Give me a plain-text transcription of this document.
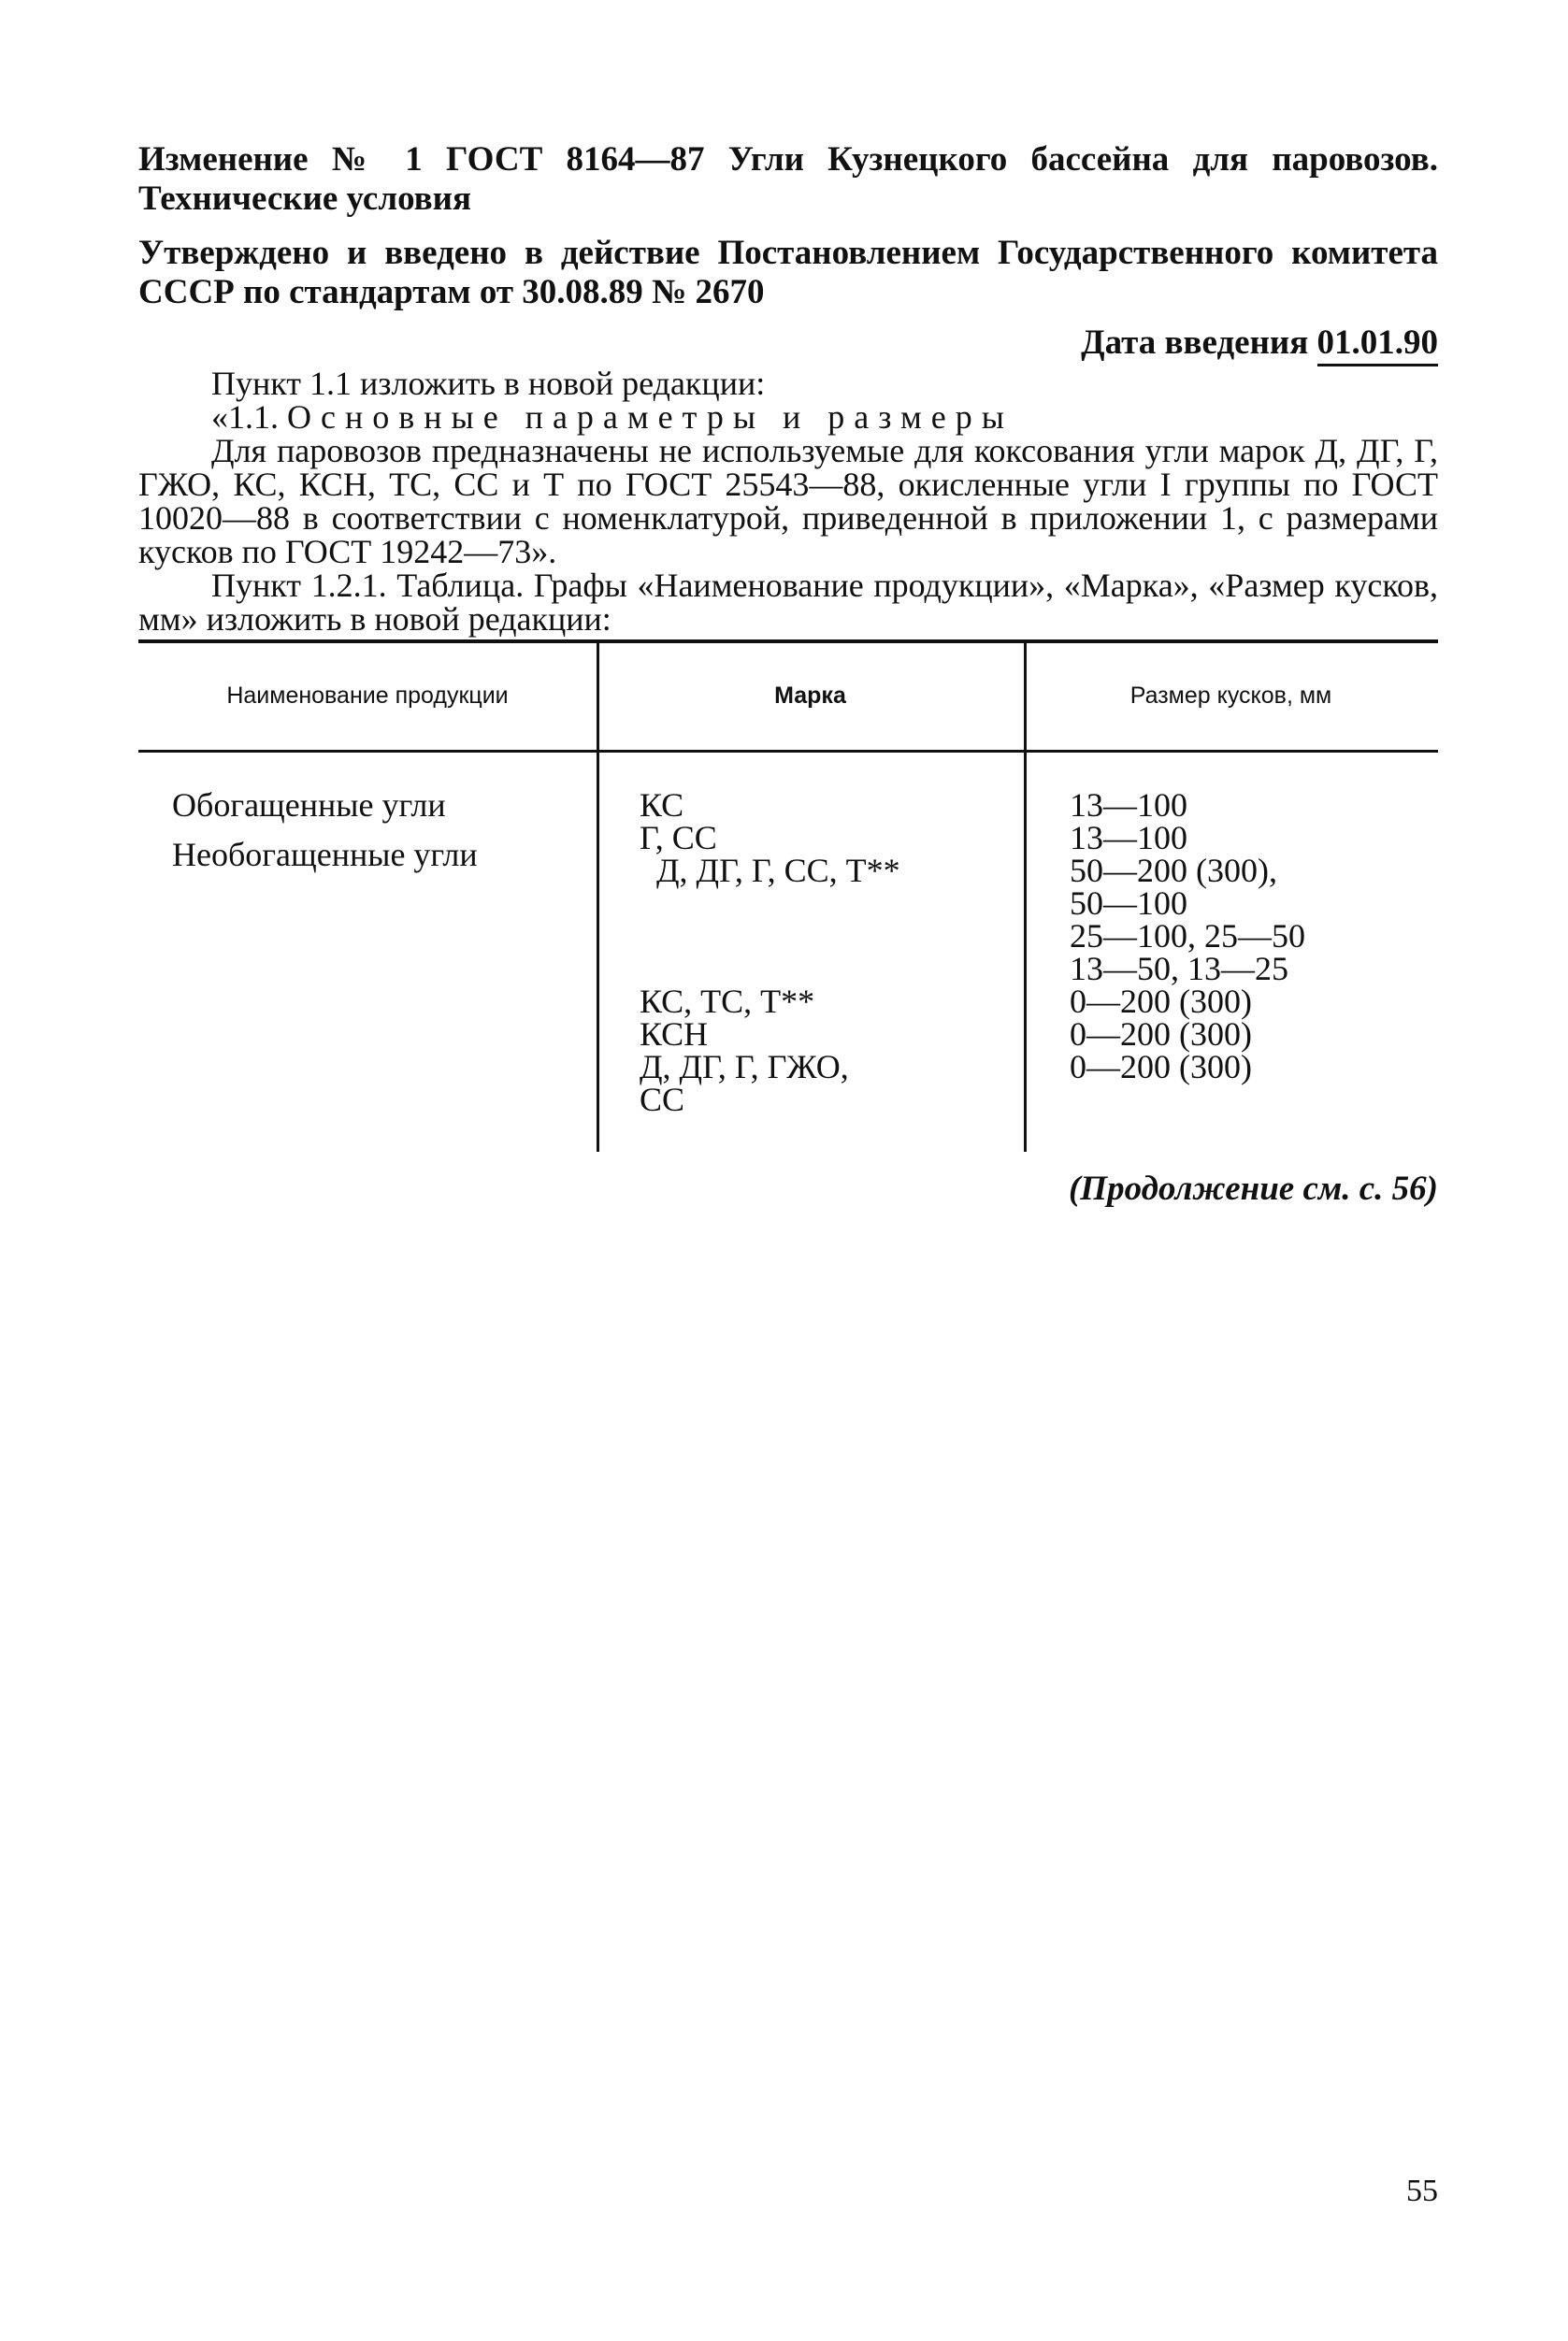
Изменение № 1 ГОСТ 8164—87 Угли Кузнецкого бассейна для паровозов. Технические условия

Утверждено и введено в действие Постановлением Государственного комитета СССР по стандартам от 30.08.89 № 2670

Дата введения 01.01.90

Пункт 1.1 изложить в новой редакции:

«1.1. Основные параметры и размеры

Для паровозов предназначены не используемые для коксования угли марок Д, ДГ, Г, ГЖО, КС, КСН, ТС, СС и Т по ГОСТ 25543—88, окисленные угли I группы по ГОСТ 10020—88 в соответствии с номенклатурой, приведенной в приложении 1, с размерами кусков по ГОСТ 19242—73».

Пункт 1.2.1. Таблица. Графы «Наименование продукции», «Марка», «Размер кусков, мм» изложить в новой редакции:

Наименование продукции	Марка	Размер кусков, мм
Обогащенные угли
Необогащенные угли
КС
Г, СС
Д, ДГ, Г, СС, Т**
КС, ТС, Т**
КСН
Д, ДГ, Г, ГЖО,
СС
13—100
13—100
50—200 (300),
50—100
25—100, 25—50
13—50, 13—25
0—200 (300)
0—200 (300)
0—200 (300)
(Продолжение см. с. 56)
55
